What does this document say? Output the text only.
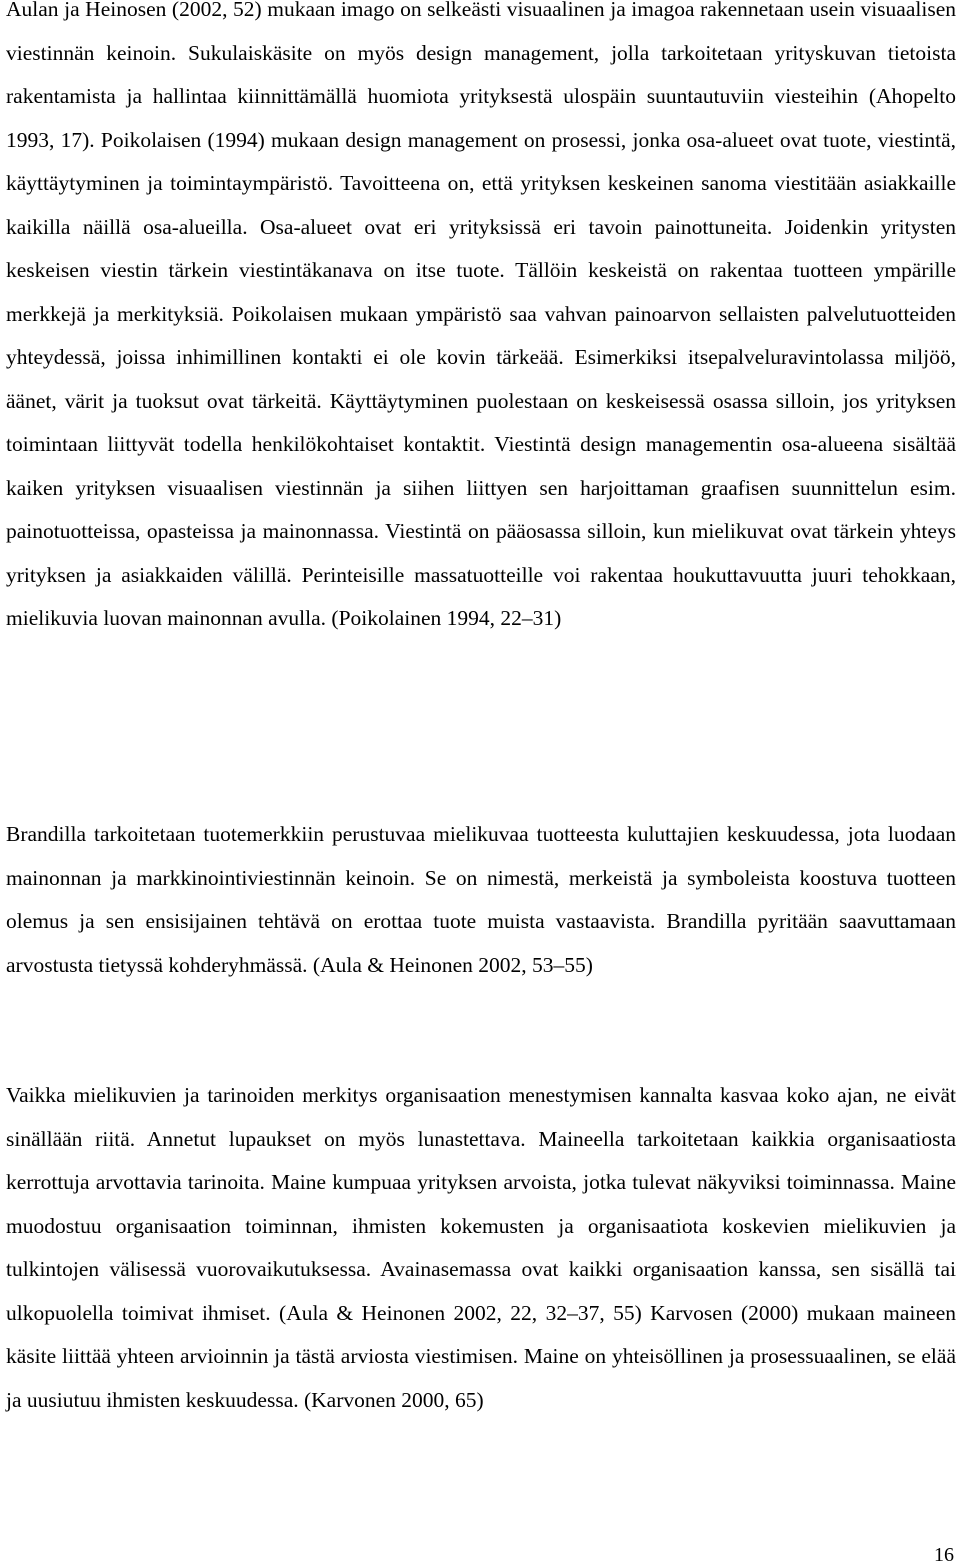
Aulan ja Heinosen (2002, 52) mukaan imago on selkeästi visuaalinen ja imagoa rakennetaan usein visuaalisen viestinnän keinoin. Sukulaiskäsite on myös design management, jolla tarkoitetaan yrityskuvan tietoista rakentamista ja hallintaa kiinnittämällä huomiota yrityksestä ulospäin suuntautuviin viesteihin (Ahopelto 1993, 17). Poikolaisen (1994) mukaan design management on prosessi, jonka osa-alueet ovat tuote, viestintä, käyttäytyminen ja toimintaympäristö. Tavoitteena on, että yrityksen keskeinen sanoma viestitään asiakkaille kaikilla näillä osa-alueilla. Osa-alueet ovat eri yrityksissä eri tavoin painottuneita. Joidenkin yritysten keskeisen viestin tärkein viestintäkanava on itse tuote. Tällöin keskeistä on rakentaa tuotteen ympärille merkkejä ja merkityksiä. Poikolaisen mukaan ympäristö saa vahvan painoarvon sellaisten palvelutuotteiden yhteydessä, joissa inhimillinen kontakti ei ole kovin tärkeää. Esimerkiksi itsepalveluravintolassa miljöö, äänet, värit ja tuoksut ovat tärkeitä. Käyttäytyminen puolestaan on keskeisessä osassa silloin, jos yrityksen toimintaan liittyvät todella henkilökohtaiset kontaktit. Viestintä design managementin osa-alueena sisältää kaiken yrityksen visuaalisen viestinnän ja siihen liittyen sen harjoittaman graafisen suunnittelun esim. painotuotteissa, opasteissa ja mainonnassa. Viestintä on pääosassa silloin, kun mielikuvat ovat tärkein yhteys yrityksen ja asiakkaiden välillä. Perinteisille massatuotteille voi rakentaa houkuttavuutta juuri tehokkaan, mielikuvia luovan mainonnan avulla. (Poikolainen 1994, 22–31)

Brandilla tarkoitetaan tuotemerkkiin perustuvaa mielikuvaa tuotteesta kuluttajien keskuudessa, jota luodaan mainonnan ja markkinointiviestinnän keinoin. Se on nimestä, merkeistä ja symboleista koostuva tuotteen olemus ja sen ensisijainen tehtävä on erottaa tuote muista vastaavista. Brandilla pyritään saavuttamaan arvostusta tietyssä kohderyhmässä. (Aula & Heinonen 2002, 53–55)

Vaikka mielikuvien ja tarinoiden merkitys organisaation menestymisen kannalta kasvaa koko ajan, ne eivät sinällään riitä. Annetut lupaukset on myös lunastettava. Maineella tarkoitetaan kaikkia organisaatiosta kerrottuja arvottavia tarinoita. Maine kumpuaa yrityksen arvoista, jotka tulevat näkyviksi toiminnassa. Maine muodostuu organisaation toiminnan, ihmisten kokemusten ja organisaatiota koskevien mielikuvien ja tulkintojen välisessä vuorovaikutuksessa. Avainasemassa ovat kaikki organisaation kanssa, sen sisällä tai ulkopuolella toimivat ihmiset. (Aula & Heinonen 2002, 22, 32–37, 55) Karvosen (2000) mukaan maineen käsite liittää yhteen arvioinnin ja tästä arviosta viestimisen. Maine on yhteisöllinen ja prosessuaalinen, se elää ja uusiutuu ihmisten keskuudessa. (Karvonen 2000, 65)

16
